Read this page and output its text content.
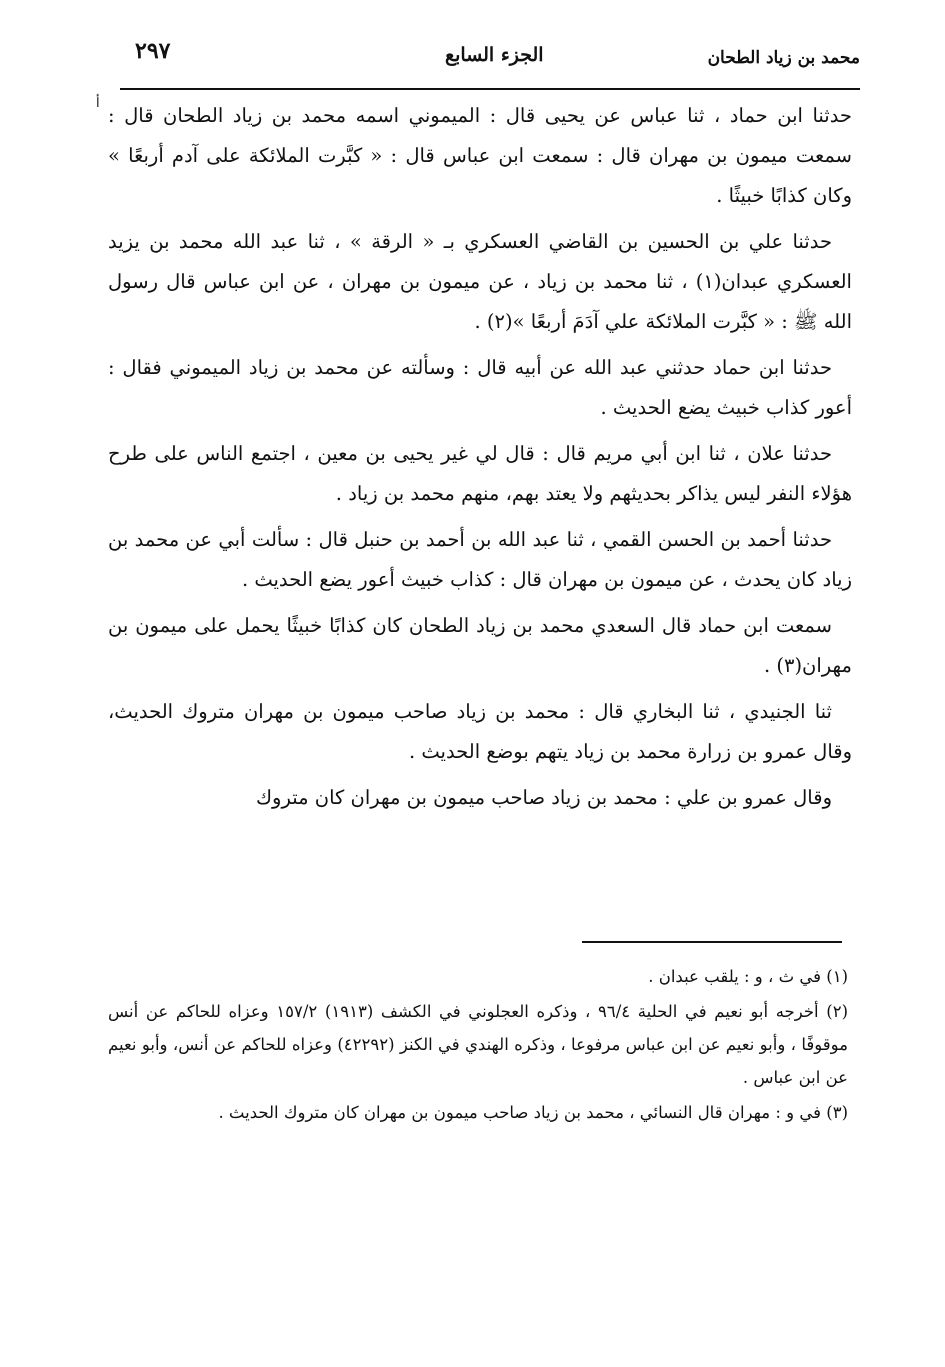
٢٩٧	الجزء السابع	محمد بن زياد الطحان
أ

حدثنا ابن حماد ، ثنا عباس عن يحيى قال : الميموني اسمه محمد بن زياد الطحان قال : سمعت ميمون بن مهران قال : سمعت ابن عباس قال : « كبَّرت الملائكة على آدم أربعًا » وكان كذابًا خبيثًا .

حدثنا علي بن الحسين بن القاضي العسكري بـ « الرقة » ، ثنا عبد الله محمد بن يزيد العسكري عبدان(١) ، ثنا محمد بن زياد ، عن ميمون بن مهران ، عن ابن عباس قال رسول الله ﷺ : « كبَّرت الملائكة علي آدَمَ أربعًا »(٢) .

حدثنا ابن حماد حدثني عبد الله عن أبيه قال : وسألته عن محمد بن زياد الميموني فقال : أعور كذاب خبيث يضع الحديث .

حدثنا علان ، ثنا ابن أبي مريم قال : قال لي غير يحيى بن معين ، اجتمع الناس على طرح هؤلاء النفر ليس يذاكر بحديثهم ولا يعتد بهم، منهم محمد بن زياد .

حدثنا أحمد بن الحسن القمي ، ثنا عبد الله بن أحمد بن حنبل قال : سألت أبي عن محمد بن زياد كان يحدث ، عن ميمون بن مهران قال : كذاب خبيث أعور يضع الحديث .

سمعت ابن حماد قال السعدي محمد بن زياد الطحان كان كذابًا خبيثًا يحمل على ميمون بن مهران(٣) .

ثنا الجنيدي ، ثنا البخاري قال : محمد بن زياد صاحب ميمون بن مهران متروك الحديث، وقال عمرو بن زرارة محمد بن زياد يتهم بوضع الحديث .

وقال عمرو بن علي : محمد بن زياد صاحب ميمون بن مهران كان متروك

(١) في ث ، و : يلقب عبدان .

(٢) أخرجه أبو نعيم في الحلية ٩٦/٤ ، وذكره العجلوني في الكشف (١٩١٣) ١٥٧/٢ وعزاه للحاكم عن أنس موقوفًا ، وأبو نعيم عن ابن عباس مرفوعا ، وذكره الهندي في الكنز (٤٢٢٩٢) وعزاه للحاكم عن أنس، وأبو نعيم عن ابن عباس .

(٣) في و : مهران قال النسائي ، محمد بن زياد صاحب ميمون بن مهران كان متروك الحديث .
